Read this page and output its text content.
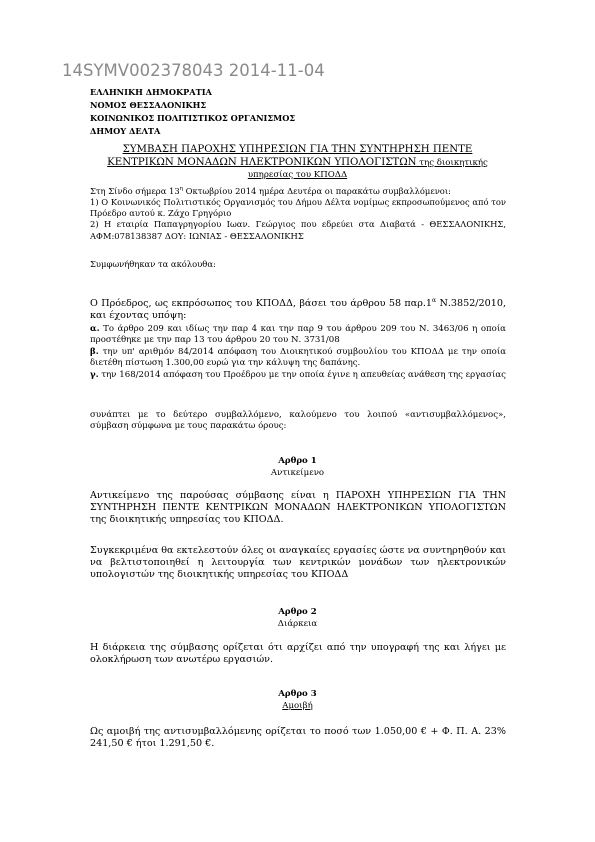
14SYMV002378043 2014-11-04
ΕΛΛΗΝΙΚΗ ΔΗΜΟΚΡΑΤΙΑ
ΝΟΜΟΣ ΘΕΣΣΑΛΟΝΙΚΗΣ
ΚΟΙΝΩΝΙΚΟΣ ΠΟΛΙΤΙΣΤΙΚΟΣ ΟΡΓΑΝΙΣΜΟΣ
ΔΗΜΟΥ ΔΕΛΤΑ
ΣΥΜΒΑΣΗ ΠΑΡΟΧΗΣ ΥΠΗΡΕΣΙΩΝ ΓΙΑ ΤΗΝ ΣΥΝΤΗΡΗΣΗ ΠΕΝΤΕ
ΚΕΝΤΡΙΚΩΝ ΜΟΝΑΔΩΝ ΗΛΕΚΤΡΟΝΙΚΩΝ ΥΠΟΛΟΓΙΣΤΩΝ της διοικητικής
υπηρεσίας του ΚΠΟΔΔ

Στη Σίνδο σήμερα $13^\eta$ Οκτωβρίου 2014 ημέρα Δευτέρα οι παρακάτω συμβαλλόμενοι:

1) Ο Κοινωνικός Πολιτιστικός Οργανισμός του Δήμου Δέλτα νομίμως εκπροσωπούμενος από τον Πρόεδρο αυτού κ. Ζάχο Γρηγόριο

2) Η εταιρία Παπαγρηγορίου Ιωαν. Γεώργιος που εδρεύει στα Διαβατά - ΘΕΣΣΑΛΟΝΙΚΗΣ, ΑΦΜ:078138387 ΔΟΥ: ΙΩΝΙΑΣ - ΘΕΣΣΑΛΟΝΙΚΗΣ

Συμφωνήθηκαν τα ακόλουθα:

Ο Πρόεδρος, ως εκπρόσωπος του ΚΠΟΔΔ, βάσει του άρθρου 58 $\pi\alpha\rho.1^\alpha$ Ν.3852/2010, και έχοντας υπόψη:

α. Το άρθρο 209 και ιδίως την παρ 4 και την παρ 9 του άρθρου 209 του Ν. 3463/06 η οποία προστέθηκε με την παρ 13 του άρθρου 20 του Ν. 3731/08

β. την υπ' αριθμόν 84/2014 απόφαση του Διοικητικού συμβουλίου του ΚΠΟΔΔ με την οποία διετέθη πίστωση 1.300,00 ευρώ για την κάλυψη της δαπάνης.

γ. την 168/2014 απόφαση του Προέδρου με την οποία έγινε η απευθείας ανάθεση της εργασίας

συνάπτει με το δεύτερο συμβαλλόμενο, καλούμενο του λοιπού «αντισυμβαλλόμενος», σύμβαση σύμφωνα με τους παρακάτω όρους:

Αρθρο 1
Αντικείμενο

Αντικείμενο της παρούσας σύμβασης είναι η ΠΑΡΟΧΗ ΥΠΗΡΕΣΙΩΝ ΓΙΑ ΤΗΝ ΣΥΝΤΗΡΗΣΗ ΠΕΝΤΕ ΚΕΝΤΡΙΚΩΝ ΜΟΝΑΔΩΝ ΗΛΕΚΤΡΟΝΙΚΩΝ ΥΠΟΛΟΓΙΣΤΩΝ της διοικητικής υπηρεσίας του ΚΠΟΔΔ.

Συγκεκριμένα θα εκτελεστούν όλες οι αναγκαίες εργασίες ώστε να συντηρηθούν και να βελτιστοποιηθεί η λειτουργία των κεντρικών μονάδων των ηλεκτρονικών υπολογιστών της διοικητικής υπηρεσίας του ΚΠΟΔΔ

Αρθρο 2
Διάρκεια

Η διάρκεια της σύμβασης ορίζεται ότι αρχίζει από την υπογραφή της και λήγει με ολοκλήρωση των ανωτέρω εργασιών.

Αρθρο 3
Αμοιβή

Ως αμοιβή της αντισυμβαλλόμενης ορίζεται το ποσό των 1.050,00 € + Φ. Π. Α. 23% 241,50 € ήτοι 1.291,50 €.
